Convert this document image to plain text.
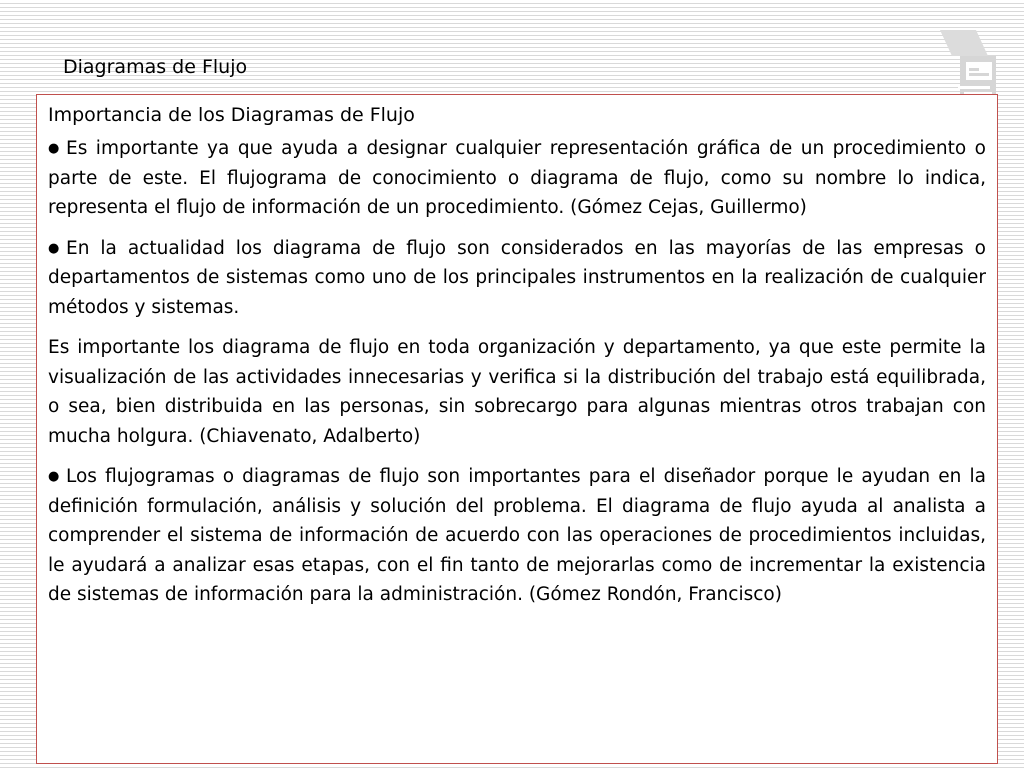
Diagramas de Flujo
Importancia de los Diagramas de Flujo

● Es importante ya que ayuda a designar cualquier representación gráfica de un procedimiento o parte de este. El flujograma de conocimiento o diagrama de flujo, como su nombre lo indica, representa el flujo de información de un procedimiento. (Gómez Cejas, Guillermo)

● En la actualidad los diagrama de flujo son considerados en las mayorías de las empresas o departamentos de sistemas como uno de los principales instrumentos en la realización de cualquier métodos y sistemas.

Es importante los diagrama de flujo en toda organización y departamento, ya que este permite la visualización de las actividades innecesarias y verifica si la distribución del trabajo está equilibrada, o sea, bien distribuida en las personas, sin sobrecargo para algunas mientras otros trabajan con mucha holgura. (Chiavenato, Adalberto)

● Los flujogramas o diagramas de flujo son importantes para el diseñador porque le ayudan en la definición formulación, análisis y solución del problema. El diagrama de flujo ayuda al analista a comprender el sistema de información de acuerdo con las operaciones de procedimientos incluidas, le ayudará a analizar esas etapas, con el fin tanto de mejorarlas como de incrementar la existencia de sistemas de información para la administración. (Gómez Rondón, Francisco)
